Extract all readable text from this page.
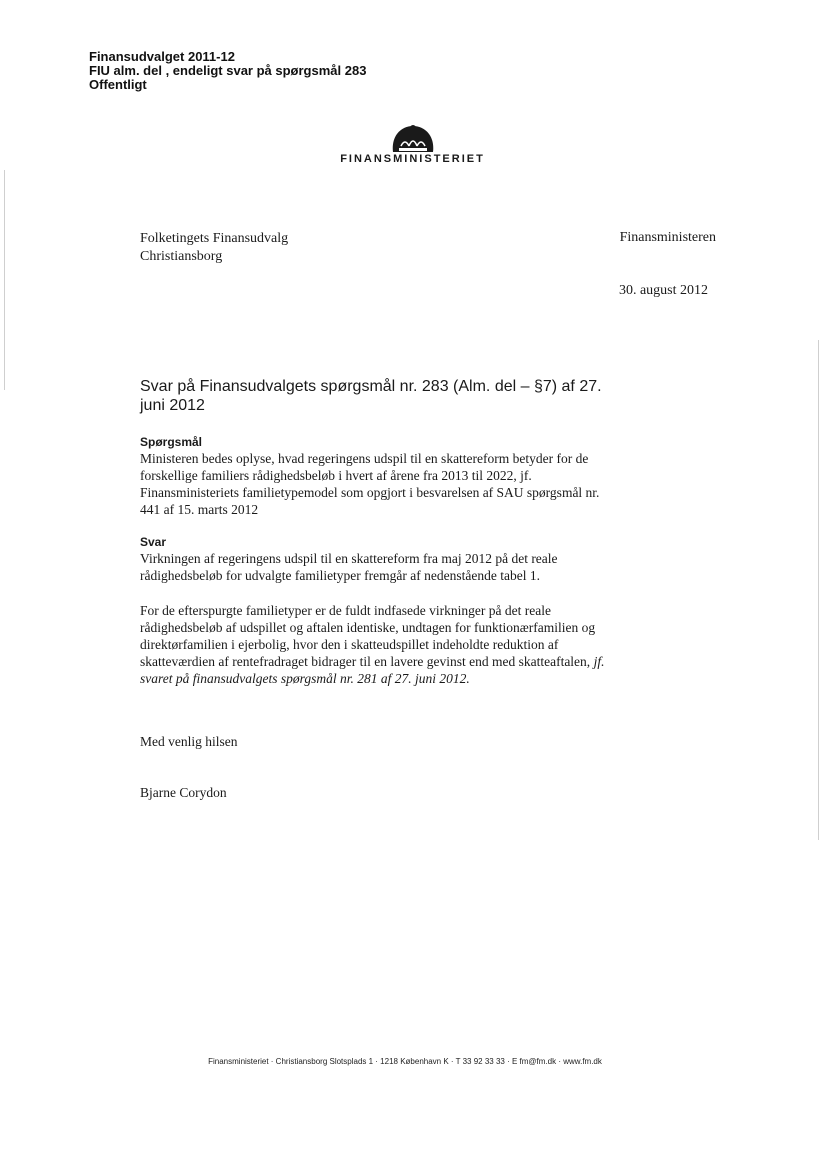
Finansudvalget 2011-12
FIU alm. del , endeligt svar på spørgsmål 283
Offentligt
FINANSMINISTERIET
Folketingets Finansudvalg
Christiansborg
Finansministeren
30. august 2012
Svar på Finansudvalgets spørgsmål nr. 283 (Alm. del – §7) af 27. juni 2012
Spørgsmål
Ministeren bedes oplyse, hvad regeringens udspil til en skattereform betyder for de forskellige familiers rådighedsbeløb i hvert af årene fra 2013 til 2022, jf. Finansministeriets familietypemodel som opgjort i besvarelsen af SAU spørgsmål nr. 441 af 15. marts 2012
Svar
Virkningen af regeringens udspil til en skattereform fra maj 2012 på det reale rådighedsbeløb for udvalgte familietyper fremgår af nedenstående tabel 1.
For de efterspurgte familietyper er de fuldt indfasede virkninger på det reale rådighedsbeløb af udspillet og aftalen identiske, undtagen for funktionærfamilien og direktørfamilien i ejerbolig, hvor den i skatteudspillet indeholdte reduktion af skatteværdien af rentefradraget bidrager til en lavere gevinst end med skatteaftalen, jf. svaret på finansudvalgets spørgsmål nr. 281 af 27. juni 2012.
Med venlig hilsen
Bjarne Corydon
Finansministeriet · Christiansborg Slotsplads 1 · 1218 København K · T 33 92 33 33 · E fm@fm.dk · www.fm.dk
